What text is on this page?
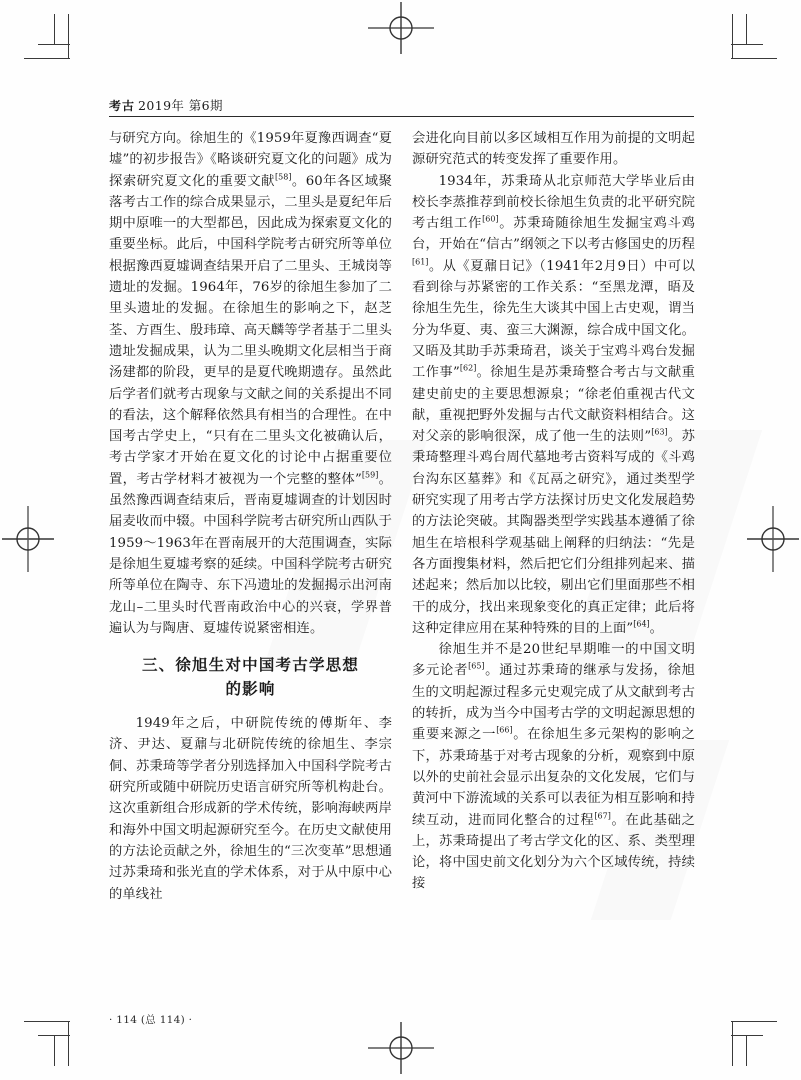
考古 2019年 第6期

与研究方向。徐旭生的《1959年夏豫西调查“夏墟”的初步报告》《略谈研究夏文化的问题》成为探索研究夏文化的重要文献[58]。60年各区域聚落考古工作的综合成果显示，二里头是夏纪年后期中原唯一的大型都邑，因此成为探索夏文化的重要坐标。此后，中国科学院考古研究所等单位根据豫西夏墟调查结果开启了二里头、王城岗等遗址的发掘。1964年，76岁的徐旭生参加了二里头遗址的发掘。在徐旭生的影响之下，赵芝荃、方酉生、殷玮璋、高天麟等学者基于二里头遗址发掘成果，认为二里头晚期文化层相当于商汤建都的阶段，更早的是夏代晚期遗存。虽然此后学者们就考古现象与文献之间的关系提出不同的看法，这个解释依然具有相当的合理性。在中国考古学史上，“只有在二里头文化被确认后，考古学家才开始在夏文化的讨论中占据重要位置，考古学材料才被视为一个完整的整体”[59]。虽然豫西调查结束后，晋南夏墟调查的计划因时届麦收而中辍。中国科学院考古研究所山西队于1959～1963年在晋南展开的大范围调查，实际是徐旭生夏墟考察的延续。中国科学院考古研究所等单位在陶寺、东下冯遗址的发掘揭示出河南龙山–二里头时代晋南政治中心的兴衰，学界普遍认为与陶唐、夏墟传说紧密相连。

三、徐旭生对中国考古学思想
的影响

1949年之后，中研院传统的傅斯年、李济、尹达、夏鼐与北研院传统的徐旭生、李宗侗、苏秉琦等学者分别选择加入中国科学院考古研究所或随中研院历史语言研究所等机构赴台。这次重新组合形成新的学术传统，影响海峡两岸和海外中国文明起源研究至今。在历史文献使用的方法论贡献之外，徐旭生的“三次变革”思想通过苏秉琦和张光直的学术体系，对于从中原中心的单线社

会进化向目前以多区域相互作用为前提的文明起源研究范式的转变发挥了重要作用。

1934年，苏秉琦从北京师范大学毕业后由校长李蒸推荐到前校长徐旭生负责的北平研究院考古组工作[60]。苏秉琦随徐旭生发掘宝鸡斗鸡台，开始在“信古”纲领之下以考古修国史的历程[61]。从《夏鼐日记》（1941年2月9日）中可以看到徐与苏紧密的工作关系：“至黑龙潭，晤及徐旭生先生，徐先生大谈其中国上古史观，谓当分为华夏、夷、蛮三大渊源，综合成中国文化。又晤及其助手苏秉琦君，谈关于宝鸡斗鸡台发掘工作事”[62]。徐旭生是苏秉琦整合考古与文献重建史前史的主要思想源泉；“徐老伯重视古代文献，重视把野外发掘与古代文献资料相结合。这对父亲的影响很深，成了他一生的法则”[63]。苏秉琦整理斗鸡台周代墓地考古资料写成的《斗鸡台沟东区墓葬》和《瓦鬲之研究》，通过类型学研究实现了用考古学方法探讨历史文化发展趋势的方法论突破。其陶器类型学实践基本遵循了徐旭生在培根科学观基础上阐释的归纳法：“先是各方面搜集材料，然后把它们分组排列起来、描述起来；然后加以比较，剔出它们里面那些不相干的成分，找出来现象变化的真正定律；此后将这种定律应用在某种特殊的目的上面”[64]。

徐旭生并不是20世纪早期唯一的中国文明多元论者[65]。通过苏秉琦的继承与发扬，徐旭生的文明起源过程多元史观完成了从文献到考古的转折，成为当今中国考古学的文明起源思想的重要来源之一[66]。在徐旭生多元架构的影响之下，苏秉琦基于对考古现象的分析，观察到中原以外的史前社会显示出复杂的文化发展，它们与黄河中下游流域的关系可以表征为相互影响和持续互动，进而同化整合的过程[67]。在此基础之上，苏秉琦提出了考古学文化的区、系、类型理论，将中国史前文化划分为六个区域传统，持续接

· 114 (总 114) ·
